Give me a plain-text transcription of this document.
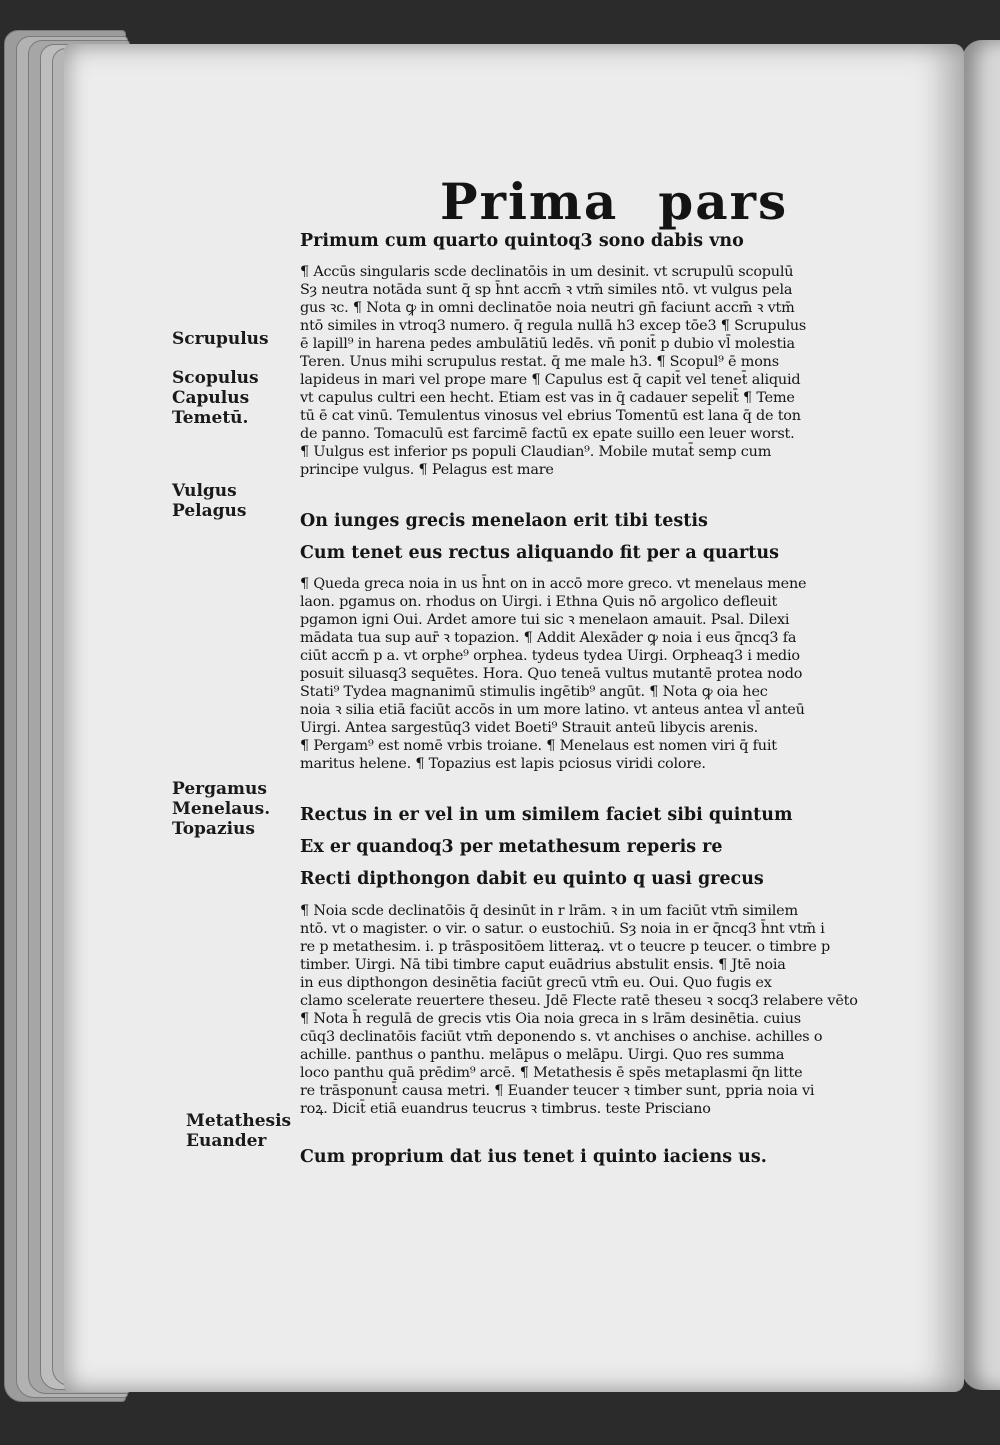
Prima pars
Scrupulus
Scopulus
Capulus
Temetū.
Vulgus
Pelagus
Pergamus
Menelaus.
Topazius
Metathesis
Euander
Primum cum quarto quintoq3 sono dabis vno
¶ Accūs singularis scde declinatōis in um desinit. vt scrupulū scopulū
Sȝ neutra notāda sunt q̄ sp h̄nt accm̄ ꝛ vtm̄ similes ntō. vt vulgus pela
gus ꝛc. ¶ Nota ꝙ in omni declinatōe noia neutri gn̄ faciunt accm̄ ꝛ vtm̄
ntō similes in vtroq3 numero. q̄ regula nullā h3 excep tōe3 ¶ Scrupulus
ē lapill⁹ in harena pedes ambulātiū ledēs. vn̄ ponit̄ p dubio vl̄ molestia
Teren. Unus mihi scrupulus restat. q̄ me male h3. ¶ Scopul⁹ ē mons
lapideus in mari vel prope mare ¶ Capulus est q̄ capit̄ vel tenet̄ aliquid
vt capulus cultri een hecht. Etiam est vas in q̄ cadauer sepelit̄ ¶ Teme
tū ē cat vinū. Temulentus vinosus vel ebrius Tomentū est lana q̄ de ton
de panno. Tomaculū est farcimē factū ex epate suillo een leuer worst.
¶ Uulgus est inferior ps populi Claudian⁹. Mobile mutat̄ semp cum
principe vulgus. ¶ Pelagus est mare
On iunges grecis menelaon erit tibi testis
Cum tenet eus rectus aliquando fit per a quartus
¶ Queda greca noia in us h̄nt on in accō more greco. vt menelaus mene
laon. pgamus on. rhodus on Uirgi. i Ethna Quis nō argolico defleuit
pgamon igni Oui. Ardet amore tui sic ꝛ menelaon amauit. Psal. Dilexi
mādata tua sup aur̄ ꝛ topazion. ¶ Addit Alexāder ꝙ noia i eus q̄ncq3 fa
ciūt accm̄ p a. vt orphe⁹ orphea. tydeus tydea Uirgi. Orpheaq3 i medio
posuit siluasq3 sequētes. Hora. Quo teneā vultus mutantē protea nodo
Stati⁹ Tydea magnanimū stimulis ingētib⁹ angūt. ¶ Nota ꝙ oia hec
noia ꝛ silia etiā faciūt accōs in um more latino. vt anteus antea vl̄ anteū
Uirgi. Antea sargestūq3 videt Boeti⁹ Strauit anteū libycis arenis.
¶ Pergam⁹ est nomē vrbis troiane. ¶ Menelaus est nomen viri q̄ fuit
maritus helene. ¶ Topazius est lapis pciosus viridi colore.
Rectus in er vel in um similem faciet sibi quintum
Ex er quandoq3 per metathesum reperis re
Recti dipthongon dabit eu quinto q uasi grecus
¶ Noia scde declinatōis q̄ desinūt in r lrām. ꝛ in um faciūt vtm̄ similem
ntō. vt o magister. o vir. o satur. o eustochiū. Sȝ noia in er q̄ncq3 h̄nt vtm̄ i
re p metathesim. i. p trāspositōem litteraꝝ. vt o teucre p teucer. o timbre p
timber. Uirgi. Nā tibi timbre caput euādrius abstulit ensis. ¶ Jtē noia
in eus dipthongon desinētia faciūt grecū vtm̄ eu. Oui. Quo fugis ex
clamo scelerate reuertere theseu. Jdē Flecte ratē theseu ꝛ socq3 relabere vēto
¶ Nota h̄ regulā de grecis vtis Oia noia greca in s lrām desinētia. cuius
cūq3 declinatōis faciūt vtm̄ deponendo s. vt anchises o anchise. achilles o
achille. panthus o panthu. melāpus o melāpu. Uirgi. Quo res summa
loco panthu quā prēdim⁹ arcē. ¶ Metathesis ē spēs metaplasmi q̄n litte
re trāsponunt̄ causa metri. ¶ Euander teucer ꝛ timber sunt, ppria noia vi
roꝝ. Dicit̄ etiā euandrus teucrus ꝛ timbrus. teste Prisciano
Cum proprium dat ius tenet i quinto iaciens us.
